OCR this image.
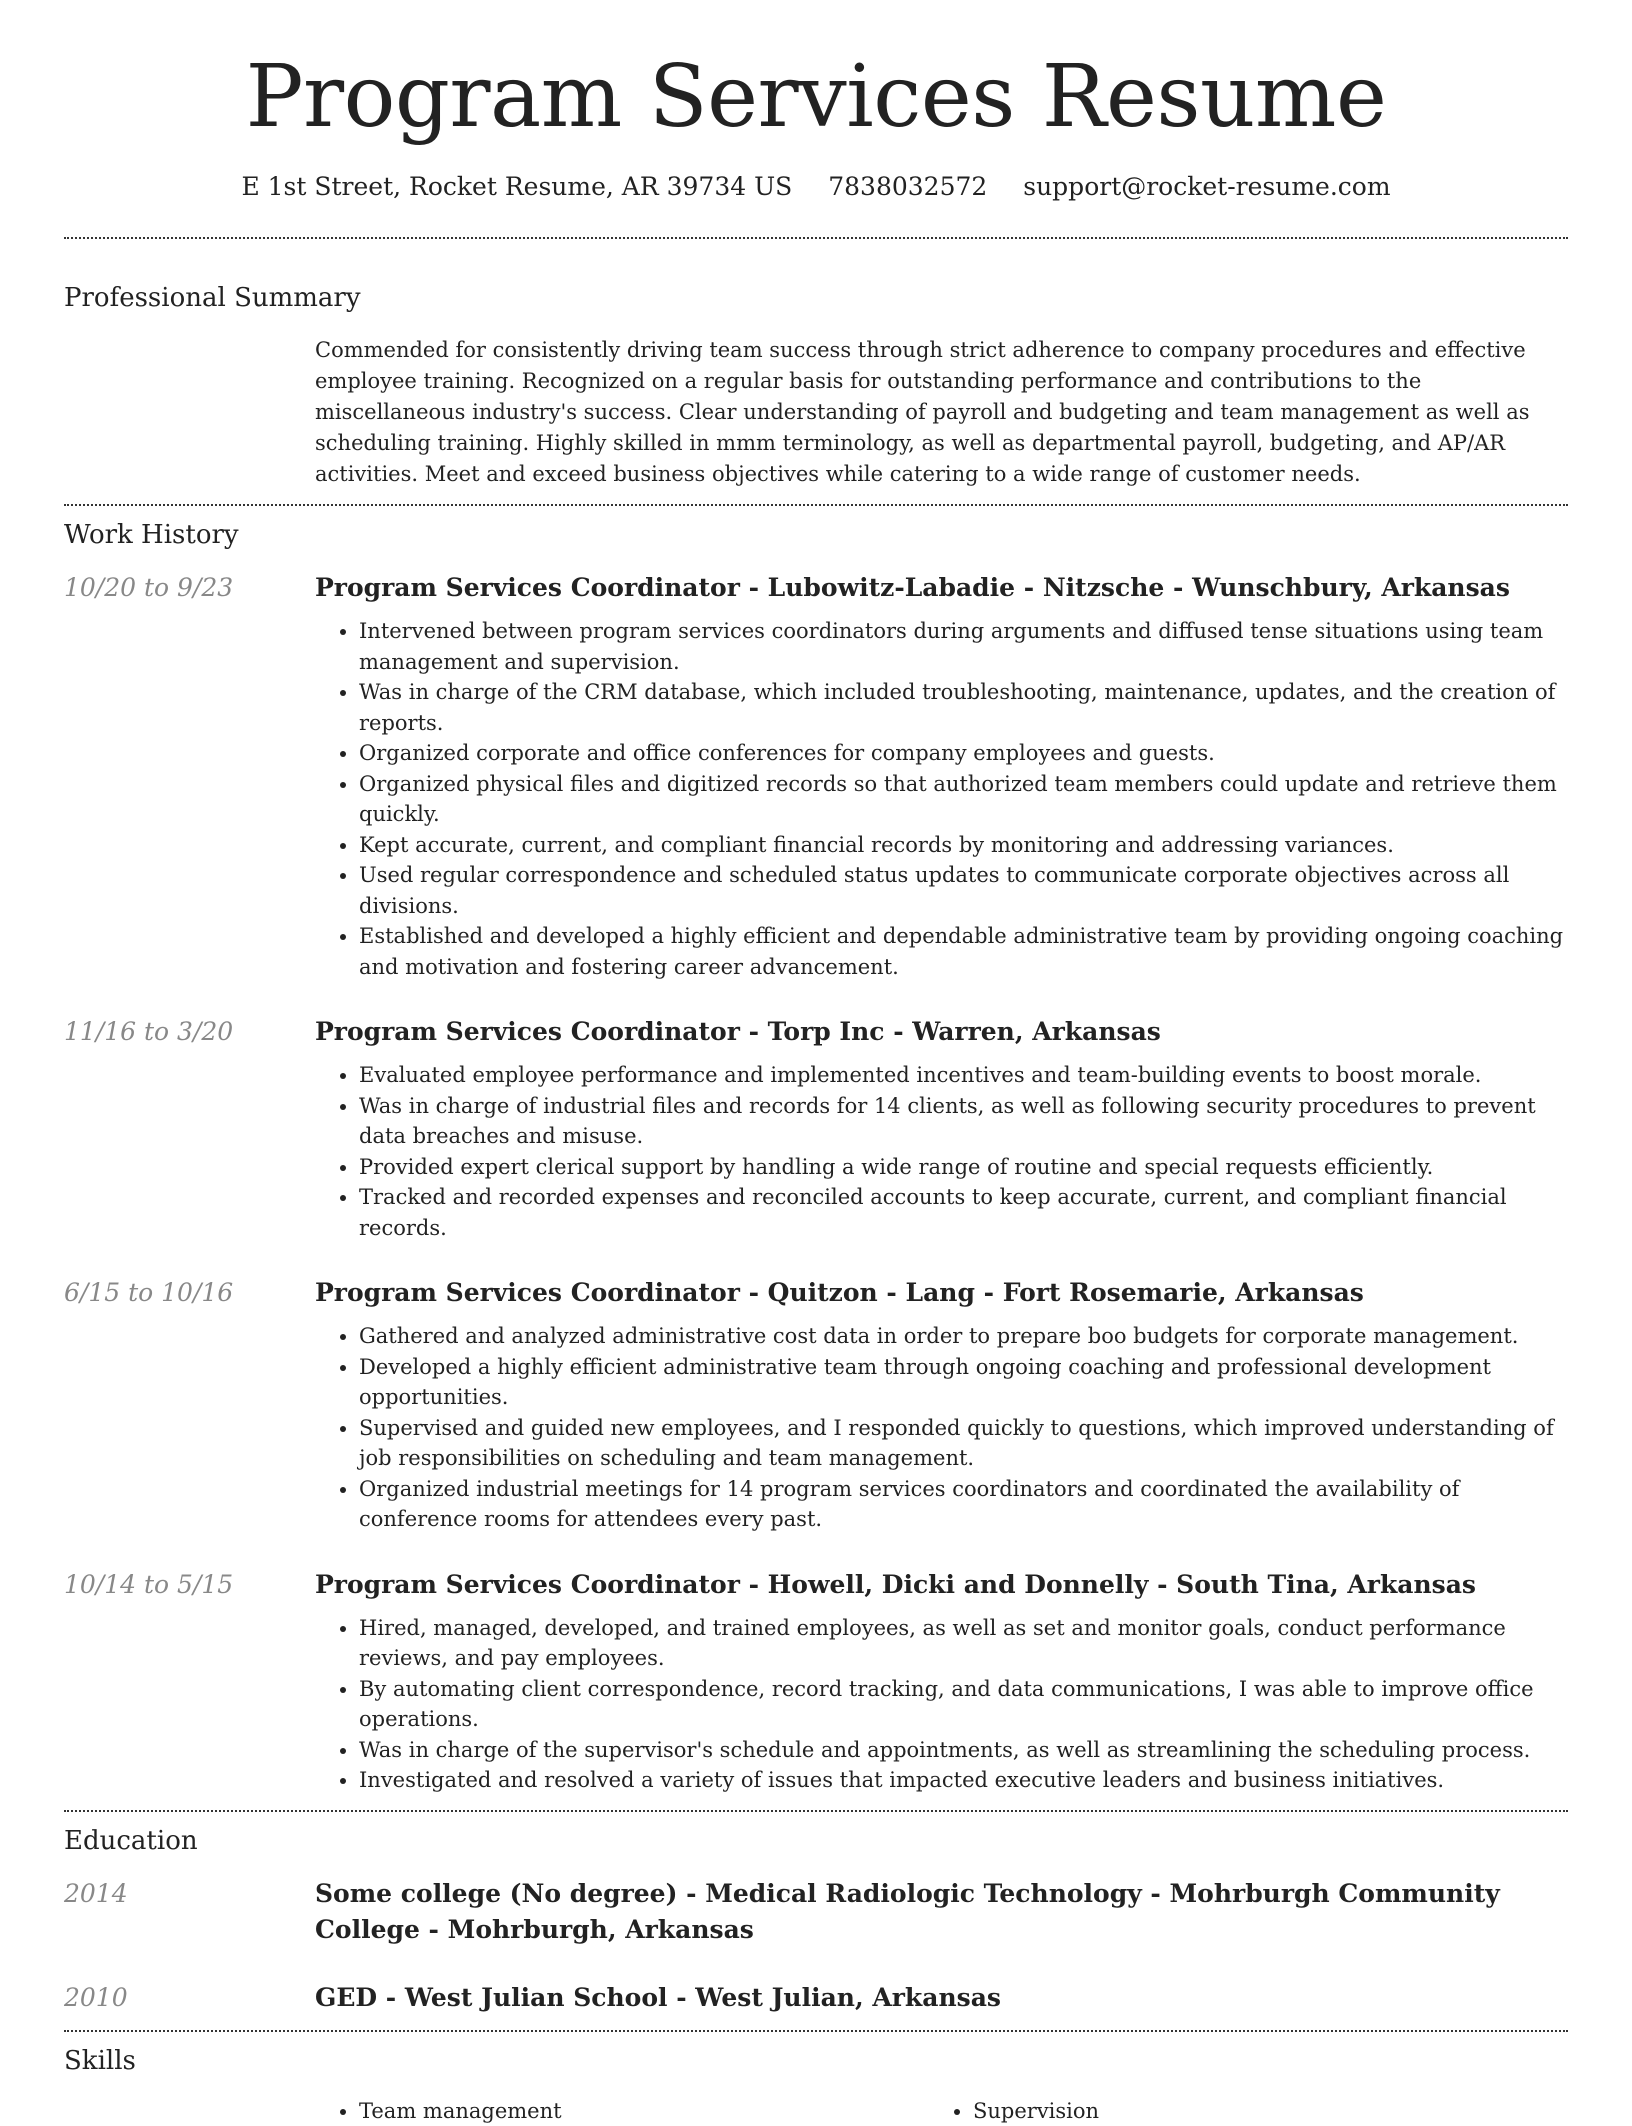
Program Services Resume
E 1st Street, Rocket Resume, AR 39734 US 7838032572 support@rocket-resume.com
Professional Summary

Commended for consistently driving team success through strict adherence to company procedures and effective employee training. Recognized on a regular basis for outstanding performance and contributions to the miscellaneous industry's success. Clear understanding of payroll and budgeting and team management as well as scheduling training. Highly skilled in mmm terminology, as well as departmental payroll, budgeting, and AP/AR activities. Meet and exceed business objectives while catering to a wide range of customer needs.

Work History
10/20 to 9/23	Program Services Coordinator - Lubowitz-Labadie - Nitzsche - Wunschbury, Arkansas
• Intervened between program services coordinators during arguments and diffused tense situations using team management and supervision.
• Was in charge of the CRM database, which included troubleshooting, maintenance, updates, and the creation of reports.
• Organized corporate and office conferences for company employees and guests.
• Organized physical files and digitized records so that authorized team members could update and retrieve them quickly.
• Kept accurate, current, and compliant financial records by monitoring and addressing variances.
• Used regular correspondence and scheduled status updates to communicate corporate objectives across all divisions.
• Established and developed a highly efficient and dependable administrative team by providing ongoing coaching and motivation and fostering career advancement.
11/16 to 3/20	Program Services Coordinator - Torp Inc - Warren, Arkansas
• Evaluated employee performance and implemented incentives and team-building events to boost morale.
• Was in charge of industrial files and records for 14 clients, as well as following security procedures to prevent data breaches and misuse.
• Provided expert clerical support by handling a wide range of routine and special requests efficiently.
• Tracked and recorded expenses and reconciled accounts to keep accurate, current, and compliant financial records.
6/15 to 10/16	Program Services Coordinator - Quitzon - Lang - Fort Rosemarie, Arkansas
• Gathered and analyzed administrative cost data in order to prepare boo budgets for corporate management.
• Developed a highly efficient administrative team through ongoing coaching and professional development opportunities.
• Supervised and guided new employees, and I responded quickly to questions, which improved understanding of job responsibilities on scheduling and team management.
• Organized industrial meetings for 14 program services coordinators and coordinated the availability of conference rooms for attendees every past.
10/14 to 5/15	Program Services Coordinator - Howell, Dicki and Donnelly - South Tina, Arkansas
• Hired, managed, developed, and trained employees, as well as set and monitor goals, conduct performance reviews, and pay employees.
• By automating client correspondence, record tracking, and data communications, I was able to improve office operations.
• Was in charge of the supervisor's schedule and appointments, as well as streamlining the scheduling process.
• Investigated and resolved a variety of issues that impacted executive leaders and business initiatives.
Education
2014	Some college (No degree) - Medical Radiologic Technology - Mohrburgh Community College - Mohrburgh, Arkansas
2010	GED - West Julian School - West Julian, Arkansas
Skills
• Team management
•	Supervision
